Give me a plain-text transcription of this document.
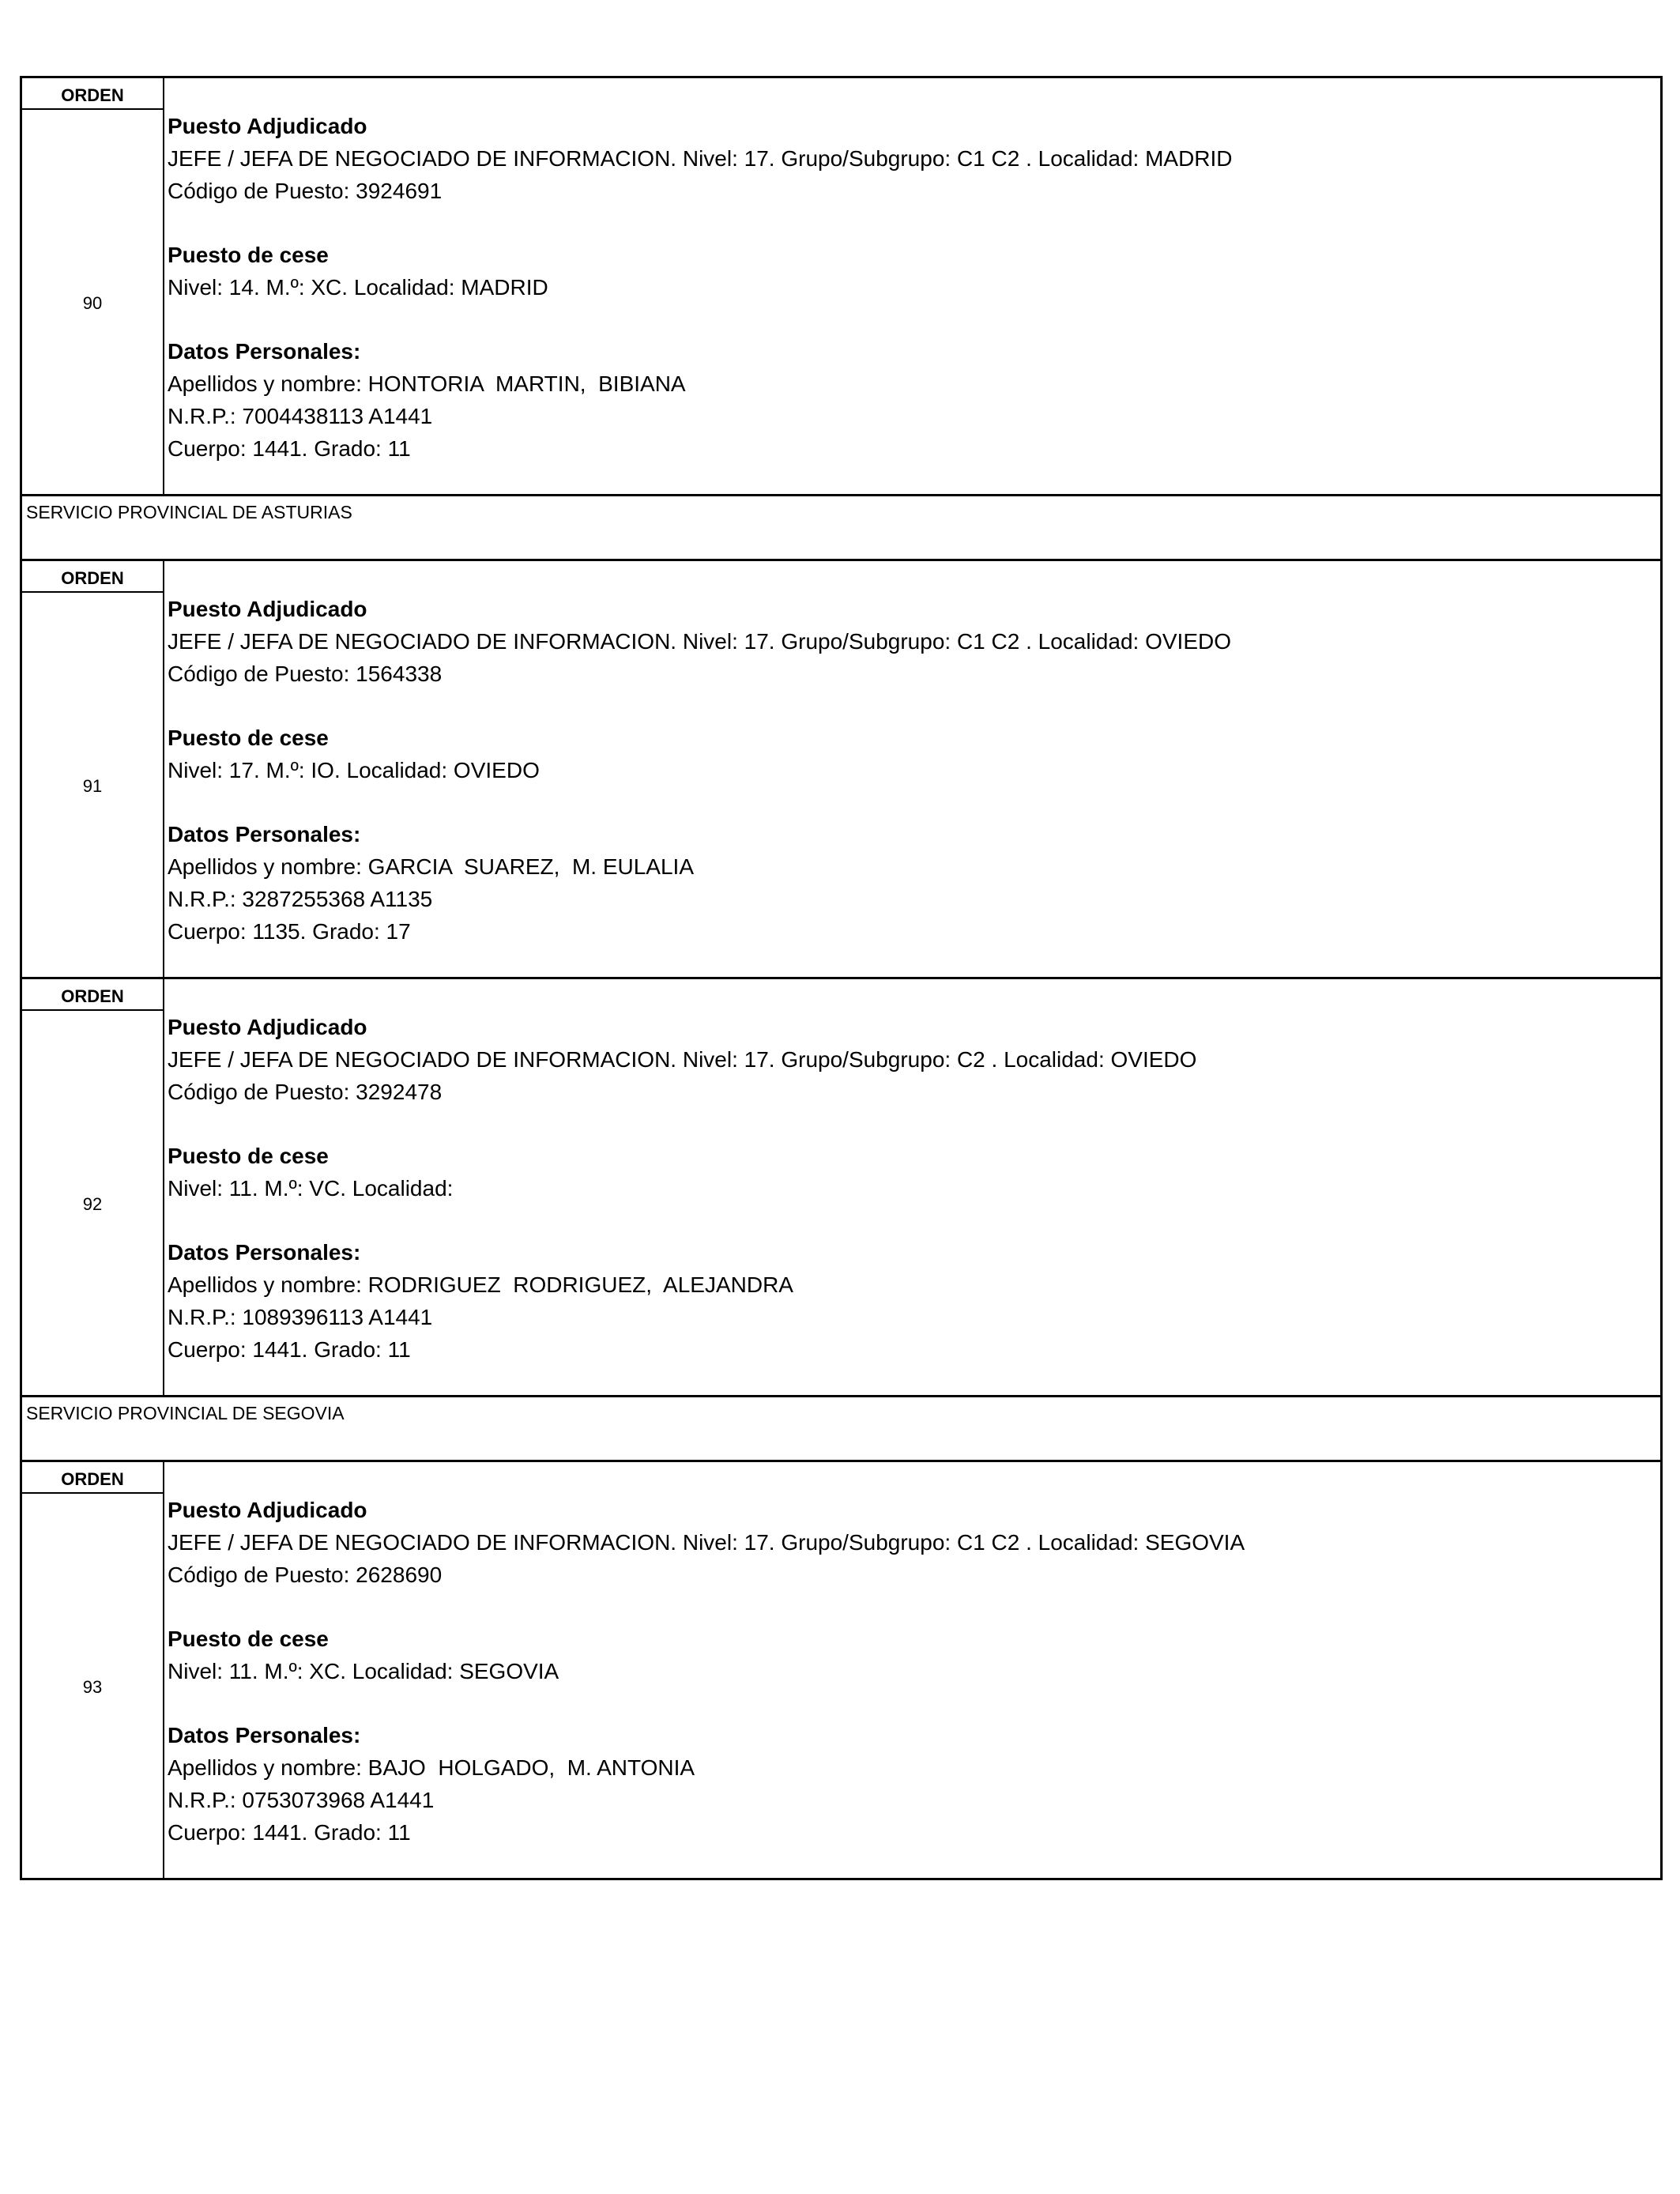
ORDEN
90
Puesto Adjudicado
JEFE / JEFA DE NEGOCIADO DE INFORMACION. Nivel: 17. Grupo/Subgrupo: C1 C2 . Localidad: MADRID
Código de Puesto: 3924691
Puesto de cese
Nivel: 14. M.º: XC. Localidad: MADRID
Datos Personales:
Apellidos y nombre: HONTORIA  MARTIN,  BIBIANA
N.R.P.: 7004438113 A1441
Cuerpo: 1441. Grado: 11
SERVICIO PROVINCIAL DE ASTURIAS
ORDEN
91
Puesto Adjudicado
JEFE / JEFA DE NEGOCIADO DE INFORMACION. Nivel: 17. Grupo/Subgrupo: C1 C2 . Localidad: OVIEDO
Código de Puesto: 1564338
Puesto de cese
Nivel: 17. M.º: IO. Localidad: OVIEDO
Datos Personales:
Apellidos y nombre: GARCIA  SUAREZ,  M. EULALIA
N.R.P.: 3287255368 A1135
Cuerpo: 1135. Grado: 17
ORDEN
92
Puesto Adjudicado
JEFE / JEFA DE NEGOCIADO DE INFORMACION. Nivel: 17. Grupo/Subgrupo: C2 . Localidad: OVIEDO
Código de Puesto: 3292478
Puesto de cese
Nivel: 11. M.º: VC. Localidad:
Datos Personales:
Apellidos y nombre: RODRIGUEZ  RODRIGUEZ,  ALEJANDRA
N.R.P.: 1089396113 A1441
Cuerpo: 1441. Grado: 11
SERVICIO PROVINCIAL DE SEGOVIA
ORDEN
93
Puesto Adjudicado
JEFE / JEFA DE NEGOCIADO DE INFORMACION. Nivel: 17. Grupo/Subgrupo: C1 C2 . Localidad: SEGOVIA
Código de Puesto: 2628690
Puesto de cese
Nivel: 11. M.º: XC. Localidad: SEGOVIA
Datos Personales:
Apellidos y nombre: BAJO  HOLGADO,  M. ANTONIA
N.R.P.: 0753073968 A1441
Cuerpo: 1441. Grado: 11
